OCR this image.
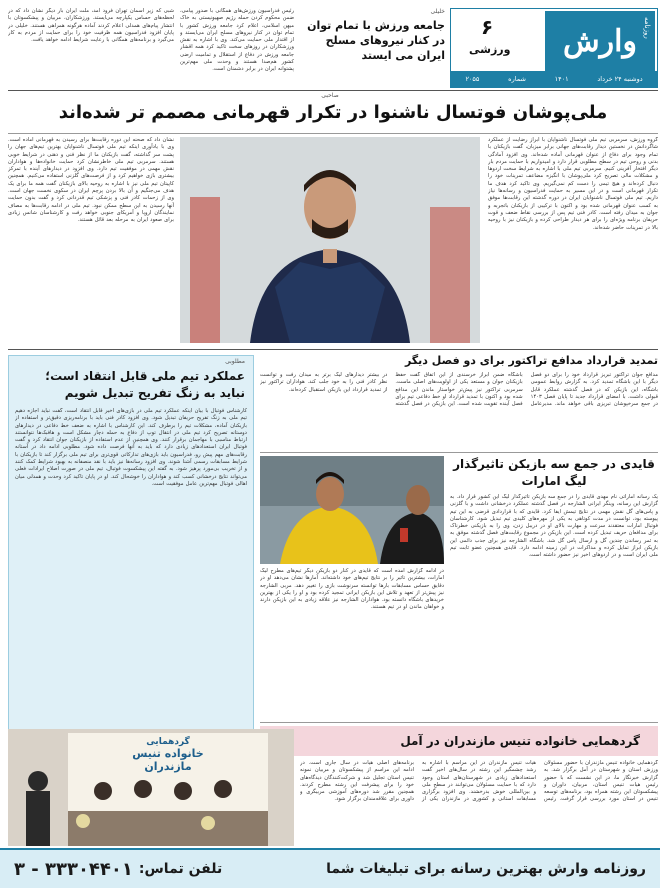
روزنامه
وارش
۶
ورزشی
دوشنبه ۲۴ خرداد
۱۴۰۱
شماره
۲۰۵۵
خلیلی
جامعه ورزش با تمام توان در کنار نیروهای مسلح ایران می ایستد
رئیس فدراسیون ورزش‌های همگانی با صدور پیامی، ضمن محکوم کردن حمله رژیم صهیونیستی به خاک میهن اسلامی، اعلام کرد جامعه ورزش کشور با تمام توان در کنار نیروهای مسلح ایران می‌ایستد و از اقتدار ملی حمایت می‌کند. وی با اشاره به نقش ورزشکاران در روزهای سخت تاکید کرد همه اقشار جامعه ورزش در دفاع از استقلال و تمامیت ارضی کشور هم‌صدا هستند و وحدت ملی مهم‌ترین پشتوانه ایران در برابر دشمنان است.
شبی که زیر آسمان تهران فرود آمد، ملت ایران بار دیگر نشان داد که در لحظه‌های حساس یکپارچه می‌ایستد. ورزشکاران، مربیان و پیشکسوتان با انتشار پیام‌های همدلی اعلام کردند آماده هرگونه همراهی هستند. خلیلی در پایان افزود فدراسیون همه ظرفیت خود را برای حمایت از مردم به کار می‌گیرد و برنامه‌های همگانی با رعایت شرایط ادامه خواهد یافت.
صاحبی
ملی‌پوشان فوتسال ناشنوا در تکرار قهرمانی مصمم تر شده‌اند
گروه ورزش، سرمربی تیم ملی فوتسال ناشنوایان با ابراز رضایت از عملکرد شاگردانش در نخستین دیدار رقابت‌های جهانی برابر میزبان، گفت بازیکنان با تمام وجود برای دفاع از عنوان قهرمانی آماده شده‌اند. وی افزود آمادگی بدنی و روحی تیم در سطح مطلوبی قرار دارد و امیدواریم با حمایت مردم بار دیگر افتخار آفرینی کنیم. سرمربی تیم ملی با اشاره به شرایط سخت اردوها و مشکلات مالی تصریح کرد ملی‌پوشان با انگیزه مضاعف تمرینات خود را دنبال کرده‌اند و هیچ تیمی را دست کم نمی‌گیریم. وی تاکید کرد هدف ما تکرار قهرمانی است و در این مسیر به حمایت فدراسیون و رسانه‌ها نیاز داریم. تیم ملی فوتسال ناشنوایان ایران در دوره گذشته این رقابت‌ها موفق به کسب عنوان قهرمانی شده بود و اکنون با ترکیبی از بازیکنان باتجربه و جوان به میدان رفته است. کادر فنی تیم پس از بررسی نقاط ضعف و قوت حریفان برنامه ویژه‌ای را برای هر دیدار طراحی کرده و بازیکنان نیز با روحیه بالا در تمرینات حاضر شده‌اند.
نشان داد که صحنه این دوره رقابت‌ها برای رسیدن به قهرمانی آماده است. وی با یادآوری اینکه تیم ملی فوتسال ناشنوایان بهترین تیم‌های جهان را پشت سر گذاشته، گفت بازیکنان ما از نظر فنی و ذهنی در شرایط خوبی هستند. سرمربی تیم ملی خاطرنشان کرد حمایت خانواده‌ها و هواداران نقش مهمی در موفقیت تیم دارد. وی افزود در دیدارهای آینده با تمرکز بیشتری بازی خواهیم کرد و از فرصت‌های گلزنی استفاده می‌کنیم. همچنین کاپیتان تیم ملی نیز با اشاره به روحیه بالای بازیکنان گفت همه ما برای یک هدف می‌جنگیم و آن بالا بردن پرچم ایران در سکوی نخست جهان است. وی از زحمات کادر فنی و پزشکی تیم قدردانی کرد و گفت بدون حمایت آنها رسیدن به این سطح ممکن نبود. تیم ملی در ادامه رقابت‌ها به مصاف نمایندگان اروپا و آمریکای جنوبی خواهد رفت و کارشناسان شانس زیادی برای صعود ایران به مرحله بعد قائل هستند.
تمدید قرارداد مدافع تراکتور برای دو فصل دیگر
مدافع جوان تراکتور تبریز قرارداد خود را برای دو فصل دیگر با این باشگاه تمدید کرد. به گزارش روابط عمومی باشگاه، این بازیکن که در فصل گذشته عملکرد قابل قبولی داشت، با امضای قرارداد جدید تا پایان فصل ۱۴۰۳ در جمع سرخپوشان تبریزی باقی خواهد ماند. مدیرعامل باشگاه ضمن ابراز خرسندی از این اتفاق گفت حفظ بازیکنان جوان و مستعد یکی از اولویت‌های اصلی ماست. سرمربی تراکتور نیز پیش‌تر خواستار ماندن این مدافع شده بود و اکنون با تمدید قرارداد او خط دفاعی تیم برای فصل آینده تقویت شده است. این بازیکن در فصل گذشته در بیشتر دیدارهای لیگ برتر به میدان رفت و توانست نظر کادر فنی را به خود جلب کند. هواداران تراکتور نیز از تمدید قرارداد این بازیکن استقبال کرده‌اند.
مطلوبی
عملکرد تیم ملی قابل انتقاد است؛ نباید به زنگ تفریح تبدیل شویم
کارشناس فوتبال با بیان اینکه عملکرد تیم ملی در بازی‌های اخیر قابل انتقاد است، گفت نباید اجازه دهیم تیم ملی به زنگ تفریح حریفان تبدیل شود. وی افزود کادر فنی باید با برنامه‌ریزی دقیق‌تر و استفاده از بازیکنان آماده، مشکلات تیم را برطرف کند. این کارشناس با اشاره به ضعف خط دفاعی در دیدارهای دوستانه تصریح کرد تیم ملی در انتقال توپ از دفاع به حمله دچار مشکل است و هافبک‌ها نتوانستند ارتباط مناسبی با مهاجمان برقرار کنند. وی همچنین از عدم استفاده از بازیکنان جوان انتقاد کرد و گفت فوتبال ایران استعدادهای زیادی دارد که باید به آنها فرصت داده شود. مطلوبی ادامه داد در آستانه رقابت‌های مهم پیش رو، فدراسیون باید بازی‌های تدارکاتی قوی‌تری برای تیم ملی برگزار کند تا بازیکنان با شرایط مسابقات رسمی آشنا شوند. وی افزود رسانه‌ها نیز باید با نقد منصفانه به بهبود شرایط کمک کنند و از تخریب بی‌مورد پرهیز شود. به گفته این پیشکسوت فوتبال، تیم ملی در صورت اصلاح ایرادات فعلی می‌تواند نتایج درخشانی کسب کند و هواداران را خوشحال کند. او در پایان تاکید کرد وحدت و همدلی میان اهالی فوتبال مهم‌ترین عامل موفقیت است.
قایدی در جمع سه بازیکن تاثیرگذار لیگ امارات
یک رسانه اماراتی نام مهدی قایدی را در جمع سه بازیکن تاثیرگذار لیگ این کشور قرار داد. به گزارش این رسانه، وینگر ایرانی الشارجه در فصل گذشته عملکرد درخشانی داشت و با گلزنی و پاس‌های گل نقش مهمی در نتایج تیمش ایفا کرد. قایدی که با قراردادی قرضی به این تیم پیوسته بود، توانست در مدت کوتاهی به یکی از مهره‌های کلیدی تیم تبدیل شود. کارشناسان فوتبال امارات معتقدند سرعت و مهارت بالای او در دریبل زدن، وی را به بازیکنی خطرناک برای مدافعان حریف تبدیل کرده است. این بازیکن در مجموع رقابت‌های فصل گذشته موفق به به ثمر رساندن چندین گل و ارسال پاس گل شد. باشگاه الشارجه نیز برای جذب دائمی این بازیکن ابراز تمایل کرده و مذاکرات در این زمینه ادامه دارد. قایدی همچنین عضو ثابت تیم ملی ایران است و در اردوهای اخیر نیز حضور داشته است.
در ادامه گزارش آمده است که قایدی در کنار دو بازیکن دیگر تیم‌های مطرح لیگ امارات، بیشترین تاثیر را بر نتایج تیم‌های خود داشته‌اند. آمارها نشان می‌دهد او در دقایق حساس مسابقات بارها توانسته سرنوشت بازی را تغییر دهد. مربی الشارجه نیز پیش‌تر از تعهد و تلاش این بازیکن ایرانی تمجید کرده بود و او را یکی از بهترین خریدهای باشگاه دانسته بود. هواداران الشارجه نیز علاقه زیادی به این بازیکن دارند و خواهان ماندن او در تیم هستند.
گردهمایی خانواده تنیس مازندران در آمل
گردهمایی خانواده تنیس مازندران با حضور مسئولان ورزش استان و شهرستان در آمل برگزار شد. به گزارش خبرنگار ما، در این نشست که با حضور رئیس هیات تنیس استان، مربیان، داوران و پیشکسوتان این رشته همراه بود، برنامه‌های توسعه تنیس در استان مورد بررسی قرار گرفت. رئیس هیات تنیس مازندران در این مراسم با اشاره به رشد چشمگیر این رشته در سال‌های اخیر گفت استعدادهای زیادی در شهرستان‌های استان وجود دارد که با حمایت مسئولان می‌توانند در سطح ملی و بین‌المللی خوش بدرخشند. وی افزود برگزاری مسابقات استانی و کشوری در مازندران یکی از برنامه‌های اصلی هیات در سال جاری است. در ادامه این مراسم از پیشکسوتان و مربیان نمونه تنیس استان تجلیل شد و شرکت‌کنندگان دیدگاه‌های خود را برای پیشرفت این رشته مطرح کردند. همچنین مقرر شد دوره‌های آموزشی مربیگری و داوری برای علاقه‌مندان برگزار شود.
گردهمایی
خانواده تنیس
مازندران
روزنامه وارش بهترین رسانه برای تبلیغات شما
تلفن تماس:
۳ - ۳۳۳۰۴۴۰۱
